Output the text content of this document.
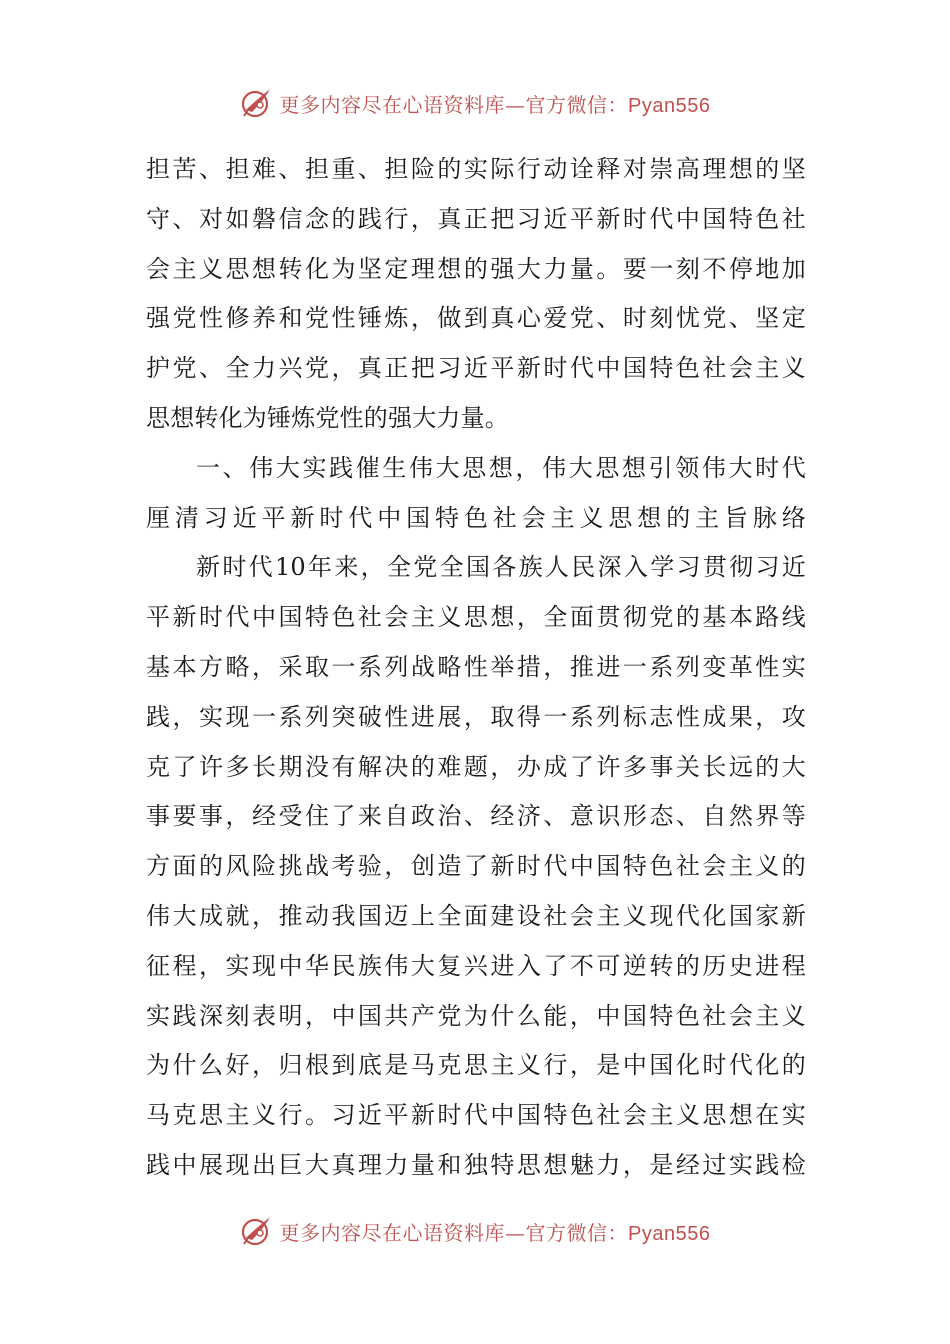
更多内容尽在心语资料库—官方微信：Pyan556
担苦、担难、担重、担险的实际行动诠释对崇高理想的坚
守、对如磐信念的践行，真正把习近平新时代中国特色社
会主义思想转化为坚定理想的强大力量。要一刻不停地加
强党性修养和党性锤炼，做到真心爱党、时刻忧党、坚定
护党、全力兴党，真正把习近平新时代中国特色社会主义
思想转化为锤炼党性的强大力量。
一、伟大实践催生伟大思想，伟大思想引领伟大时代
厘清习近平新时代中国特色社会主义思想的主旨脉络
新时代10年来，全党全国各族人民深入学习贯彻习近
平新时代中国特色社会主义思想，全面贯彻党的基本路线
基本方略，采取一系列战略性举措，推进一系列变革性实
践，实现一系列突破性进展，取得一系列标志性成果，攻
克了许多长期没有解决的难题，办成了许多事关长远的大
事要事，经受住了来自政治、经济、意识形态、自然界等
方面的风险挑战考验，创造了新时代中国特色社会主义的
伟大成就，推动我国迈上全面建设社会主义现代化国家新
征程，实现中华民族伟大复兴进入了不可逆转的历史进程
实践深刻表明，中国共产党为什么能，中国特色社会主义
为什么好，归根到底是马克思主义行，是中国化时代化的
马克思主义行。习近平新时代中国特色社会主义思想在实
践中展现出巨大真理力量和独特思想魅力，是经过实践检
更多内容尽在心语资料库—官方微信：Pyan556
